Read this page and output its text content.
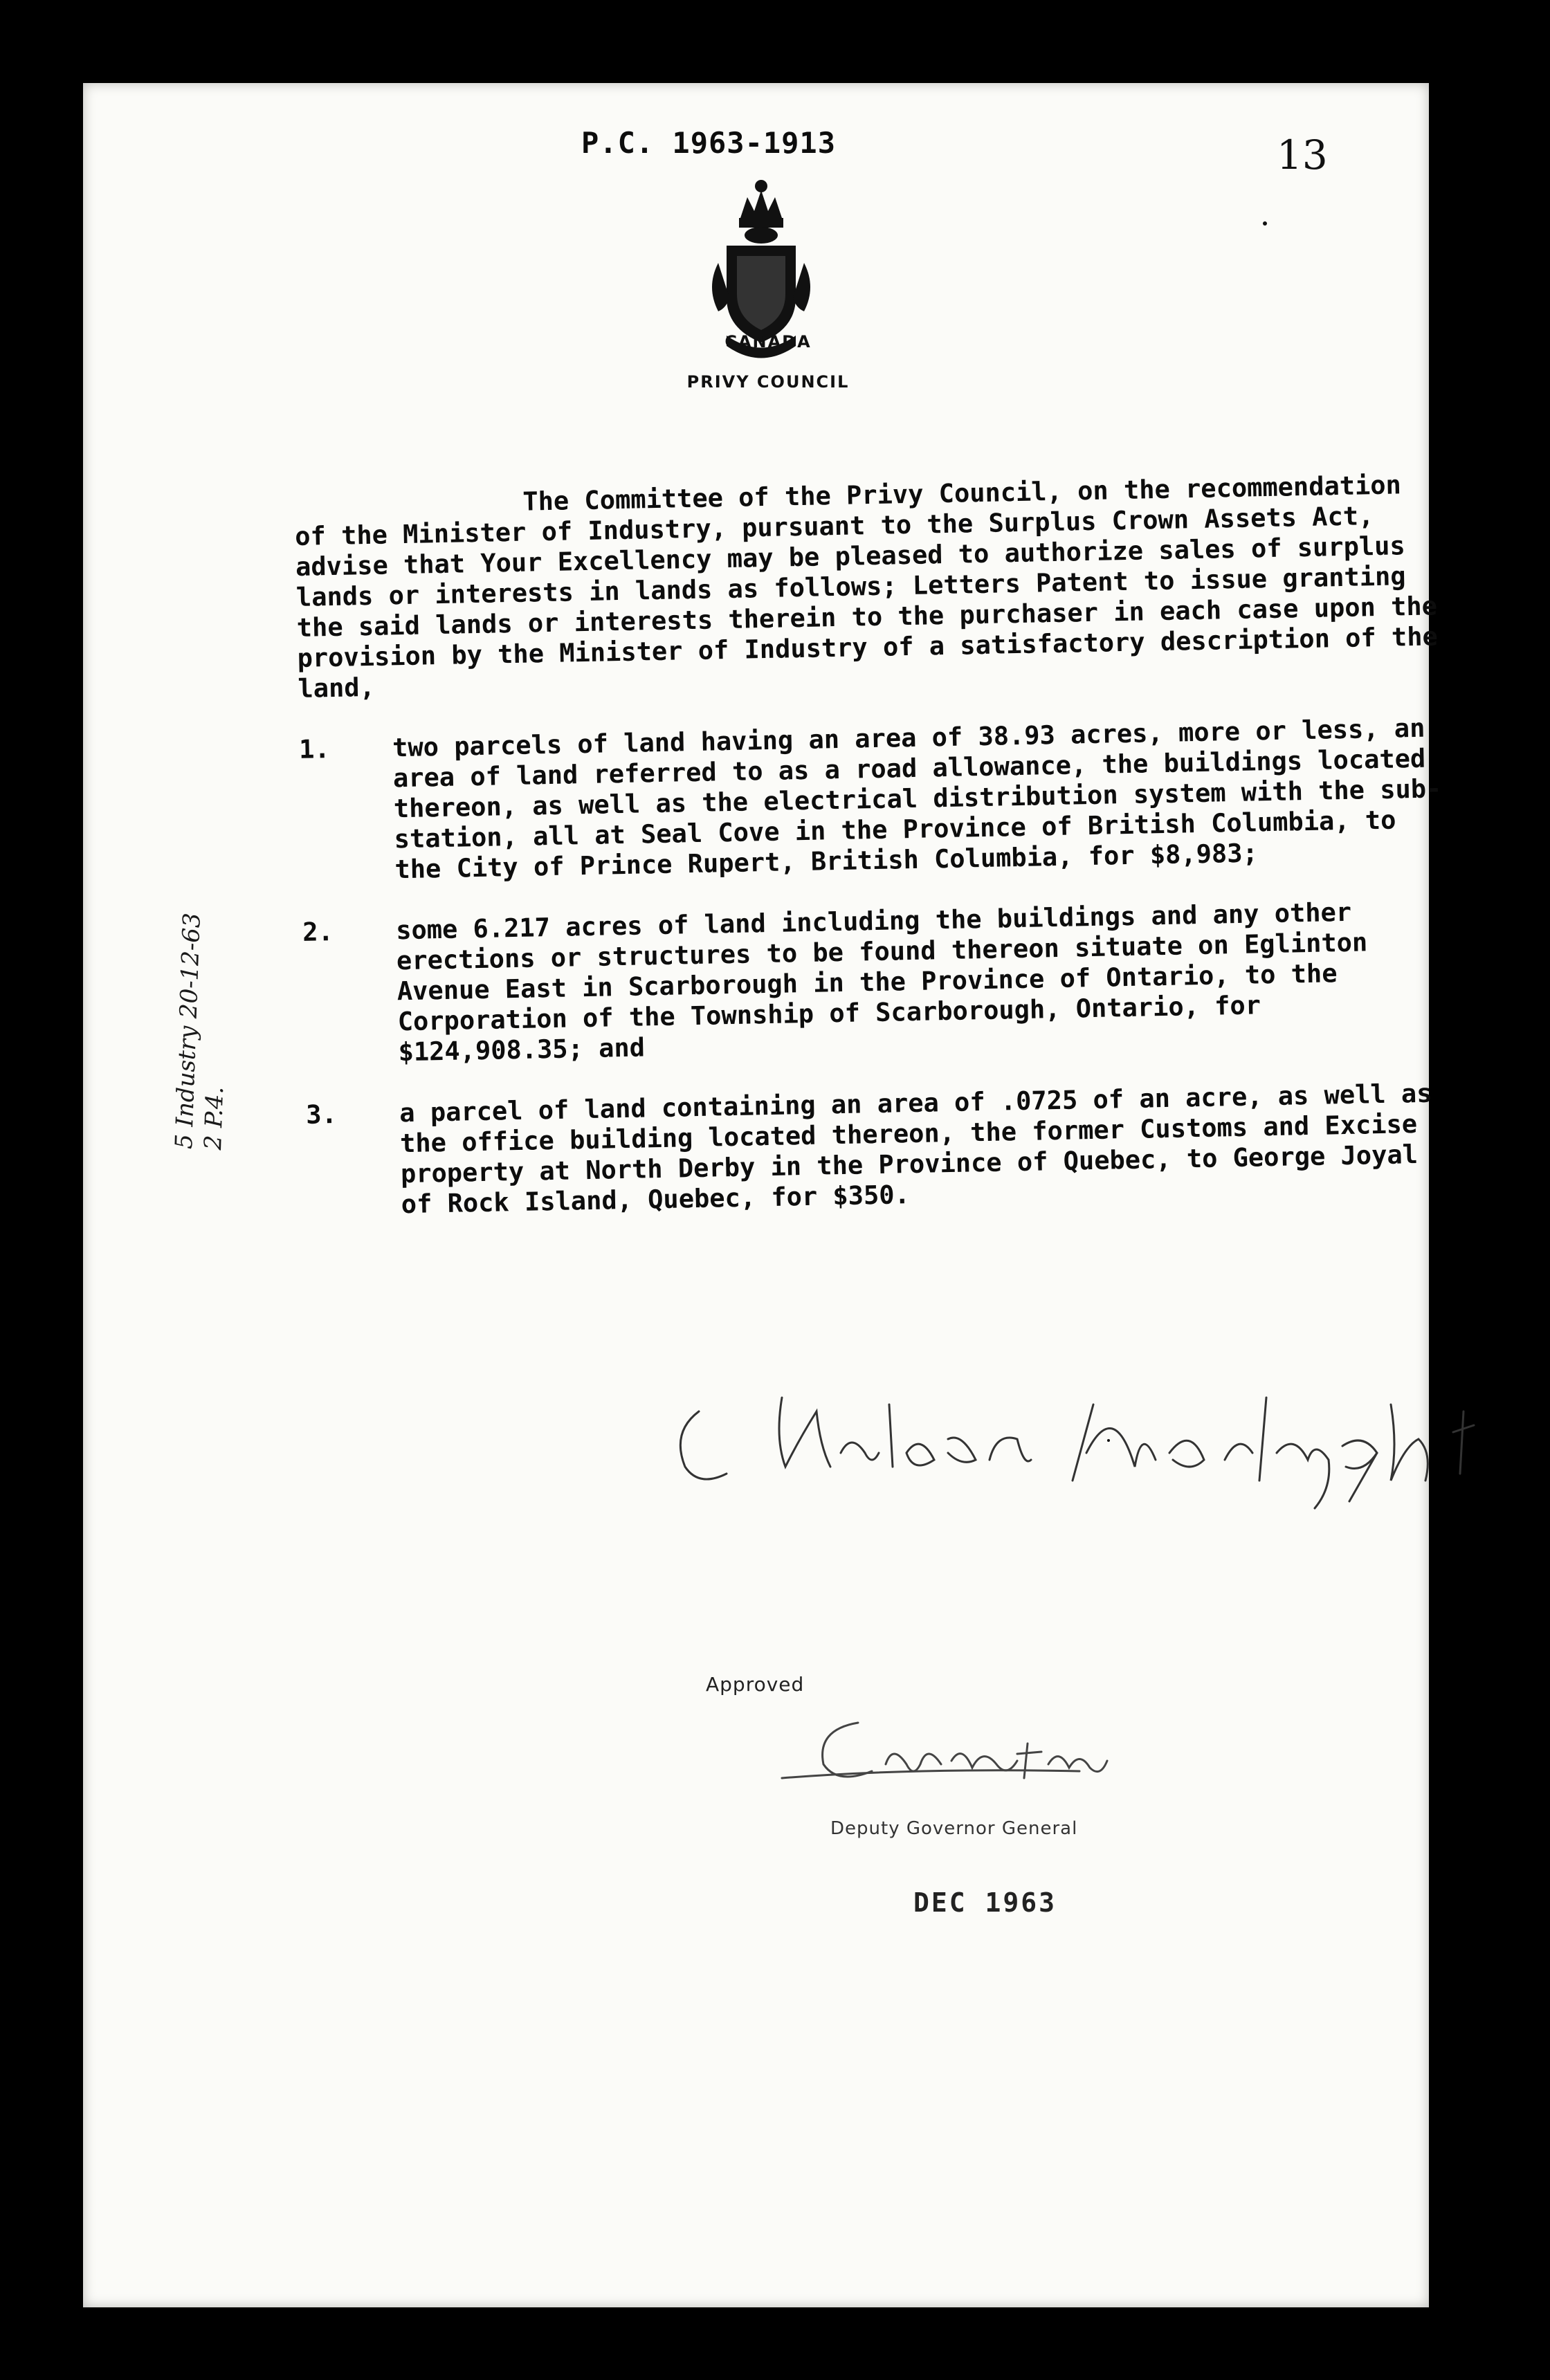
P.C. 1963-1913	13
CANADA
PRIVY COUNCIL

The Committee of the Privy Council, on the recommendation of the Minister of Industry, pursuant to the Surplus Crown Assets Act, advise that Your Excellency may be pleased to authorize sales of surplus lands or interests in lands as follows; Letters Patent to issue granting the said lands or interests therein to the purchaser in each case upon the provision by the Minister of Industry of a satisfactory description of the land,

1. two parcels of land having an area of 38.93 acres, more or less, an area of land referred to as a road allowance, the buildings located thereon, as well as the electrical distribution system with the sub-station, all at Seal Cove in the Province of British Columbia, to the City of Prince Rupert, British Columbia, for $8,983;

2. some 6.217 acres of land including the buildings and any other erections or structures to be found thereon situate on Eglinton Avenue East in Scarborough in the Province of Ontario, to the Corporation of the Township of Scarborough, Ontario, for $124,908.35; and

3. a parcel of land containing an area of .0725 of an acre, as well as the office building located thereon, the former Customs and Excise property at North Derby in the Province of Quebec, to George Joyal of Rock Island, Quebec, for $350.

5 Industry 20-12-63 2 P.4.
Approved
Deputy Governor General
DEC 1963
